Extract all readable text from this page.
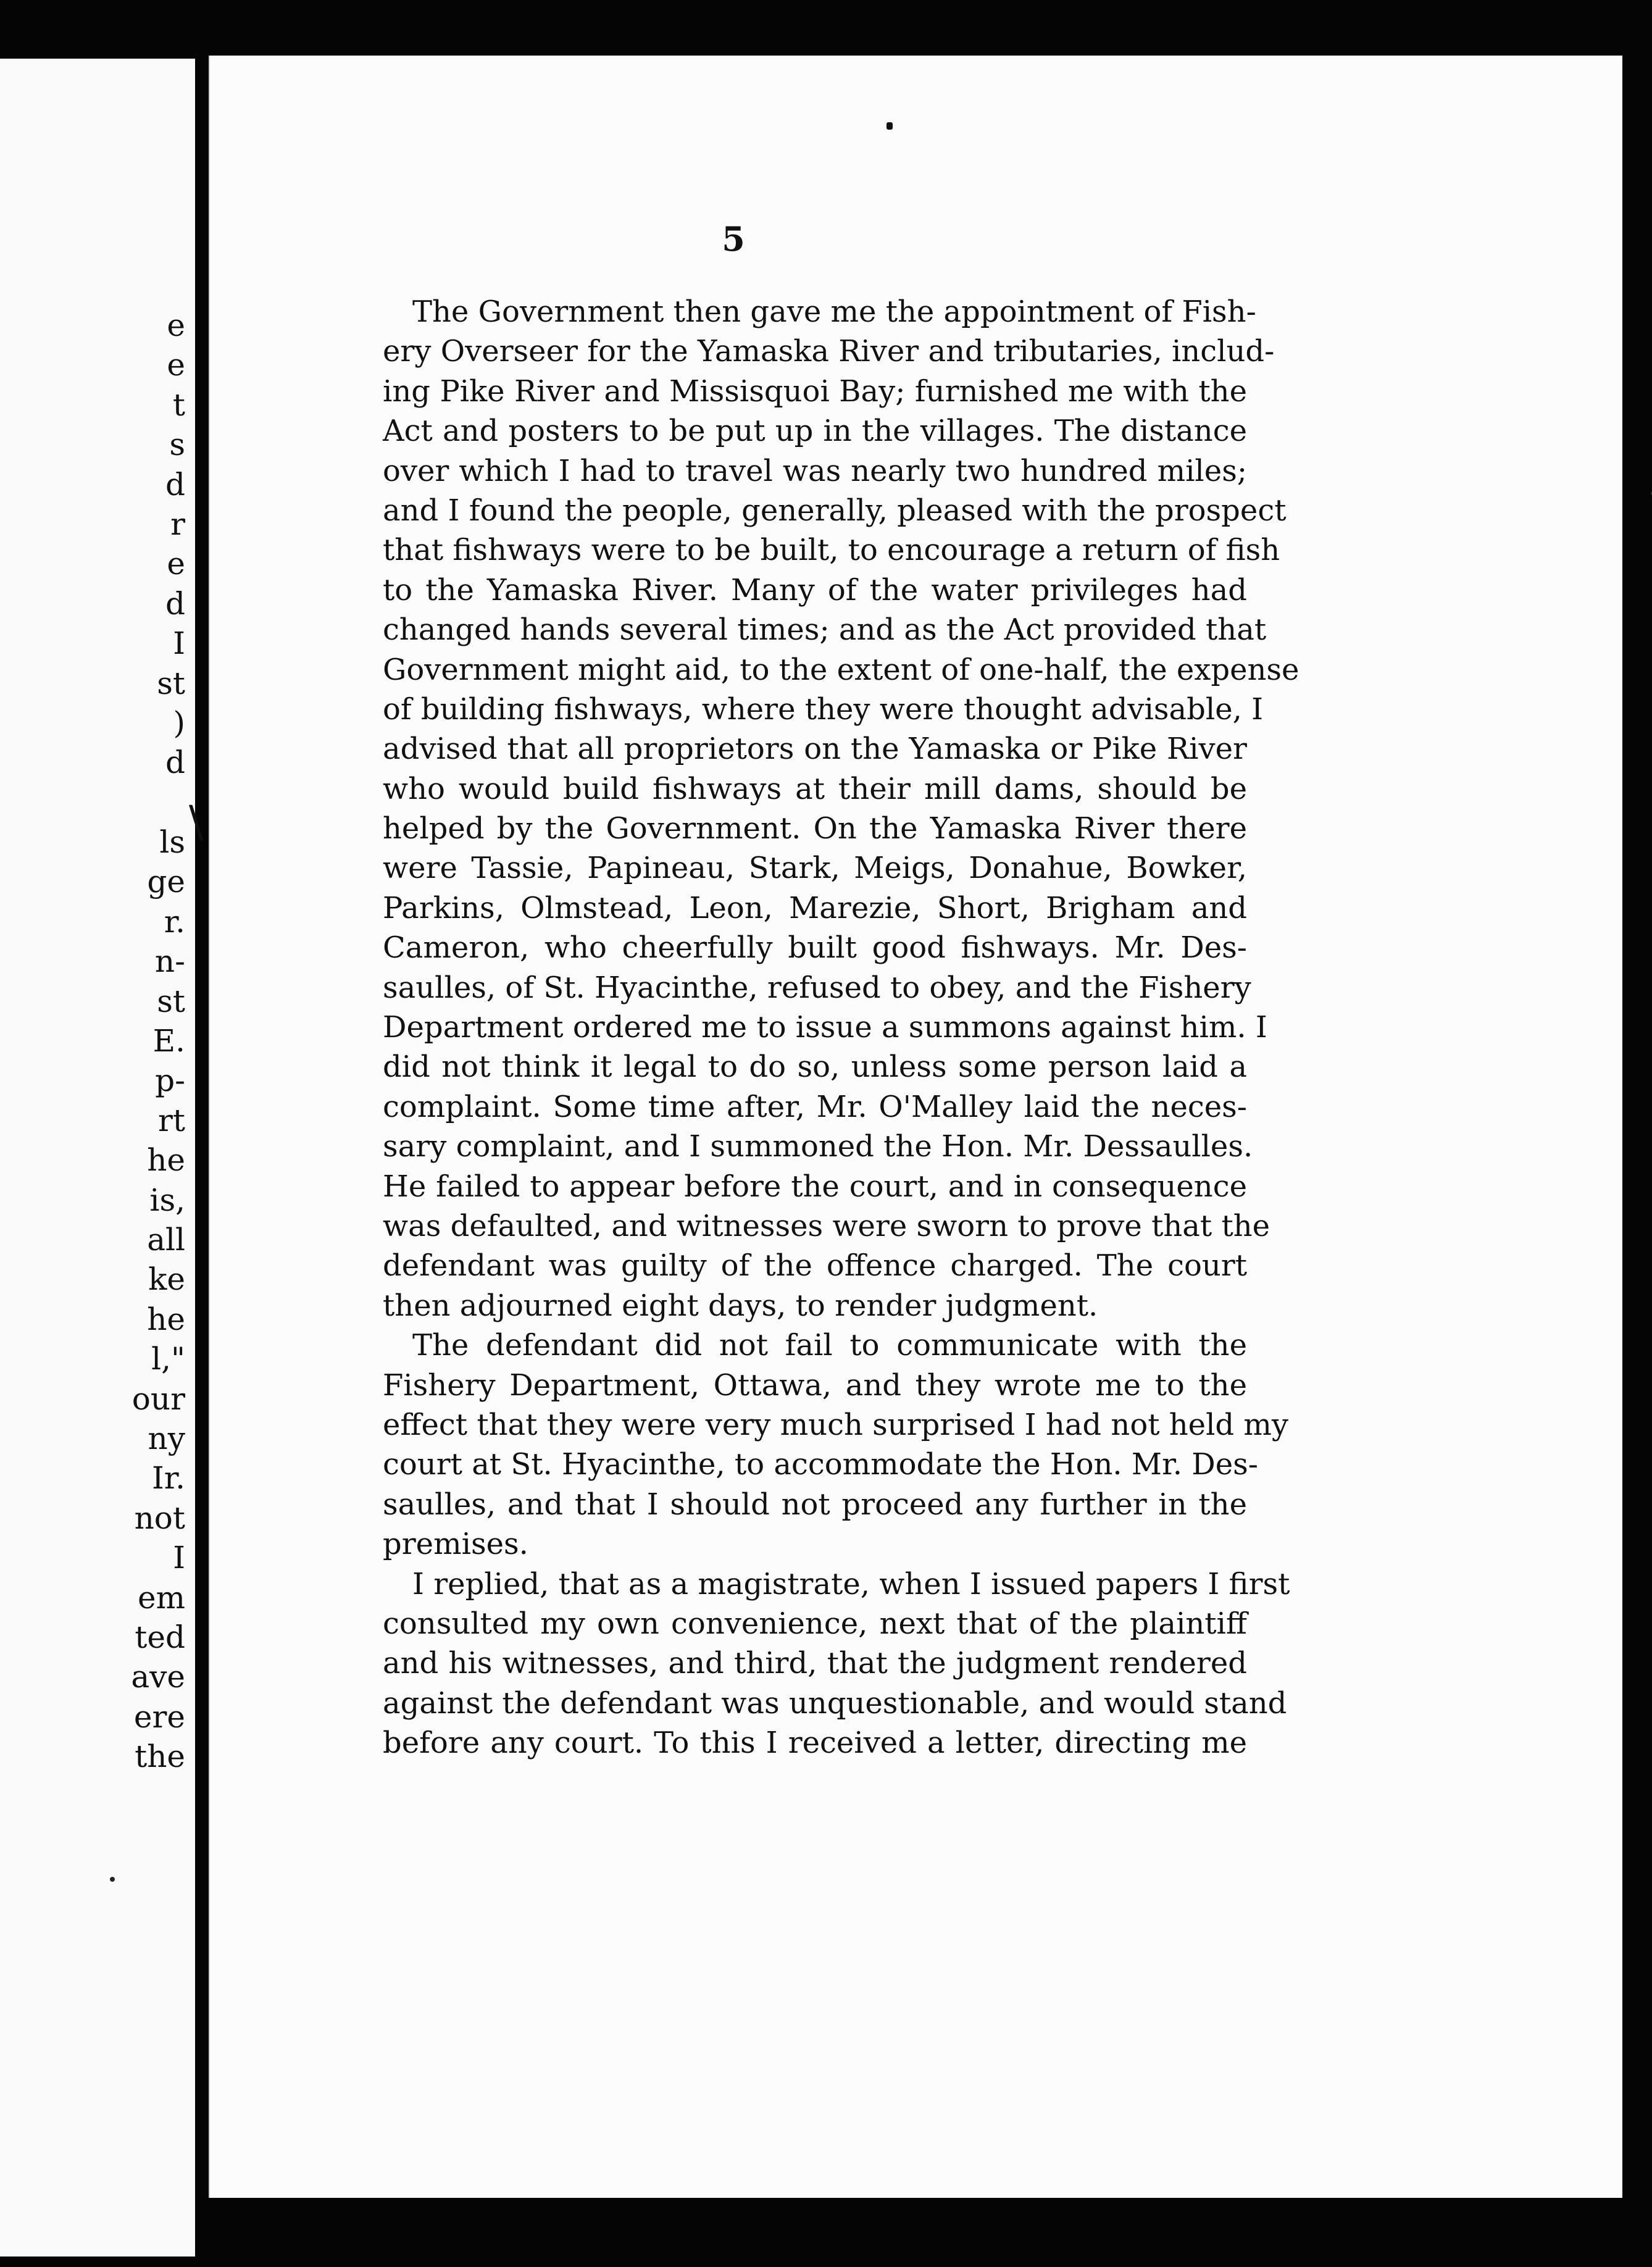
e
e
t
s
d
r
e
d
I
st
)
d
ls
ge
r.
n-
st
E.
p-
rt
he
is,
all
ke
he
l,"
our
ny
Ir.
not
I
em
ted
ave
ere
the
\
5
The Government then gave me the appointment of Fish-
ery Overseer for the Yamaska River and tributaries, includ-
ing Pike River and Missisquoi Bay; furnished me with the
Act and posters to be put up in the villages. The distance
over which I had to travel was nearly two hundred miles;
and I found the people, generally, pleased with the prospect
that fishways were to be built, to encourage a return of fish
to the Yamaska River. Many of the water privileges had
changed hands several times; and as the Act provided that
Government might aid, to the extent of one-half, the expense
of building fishways, where they were thought advisable, I
advised that all proprietors on the Yamaska or Pike River
who would build fishways at their mill dams, should be
helped by the Government. On the Yamaska River there
were Tassie, Papineau, Stark, Meigs, Donahue, Bowker,
Parkins, Olmstead, Leon, Marezie, Short, Brigham and
Cameron, who cheerfully built good fishways. Mr. Des-
saulles, of St. Hyacinthe, refused to obey, and the Fishery
Department ordered me to issue a summons against him. I
did not think it legal to do so, unless some person laid a
complaint. Some time after, Mr. O'Malley laid the neces-
sary complaint, and I summoned the Hon. Mr. Dessaulles.
He failed to appear before the court, and in consequence
was defaulted, and witnesses were sworn to prove that the
defendant was guilty of the offence charged. The court
then adjourned eight days, to render judgment.
The defendant did not fail to communicate with the
Fishery Department, Ottawa, and they wrote me to the
effect that they were very much surprised I had not held my
court at St. Hyacinthe, to accommodate the Hon. Mr. Des-
saulles, and that I should not proceed any further in the
premises.
I replied, that as a magistrate, when I issued papers I first
consulted my own convenience, next that of the plaintiff
and his witnesses, and third, that the judgment rendered
against the defendant was unquestionable, and would stand
before any court. To this I received a letter, directing me
